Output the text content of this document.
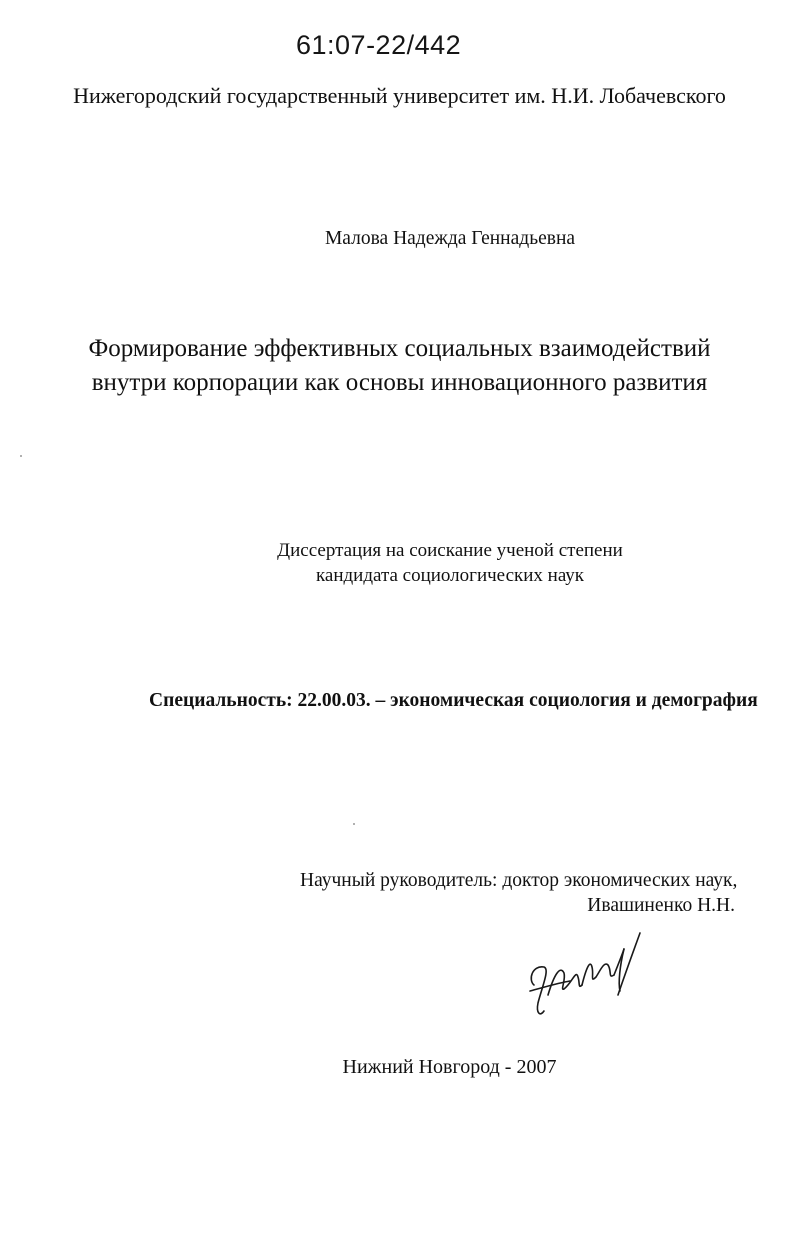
61:07-22/442
Нижегородский государственный университет им. Н.И. Лобачевского
Малова Надежда Геннадьевна
Формирование эффективных социальных взаимодействий
внутри корпорации как основы инновационного развития
Диссертация на соискание ученой степени
кандидата социологических наук
Специальность: 22.00.03. – экономическая социология и демография
Научный руководитель: доктор экономических наук,
Ивашиненко Н.Н.
Нижний Новгород - 2007
